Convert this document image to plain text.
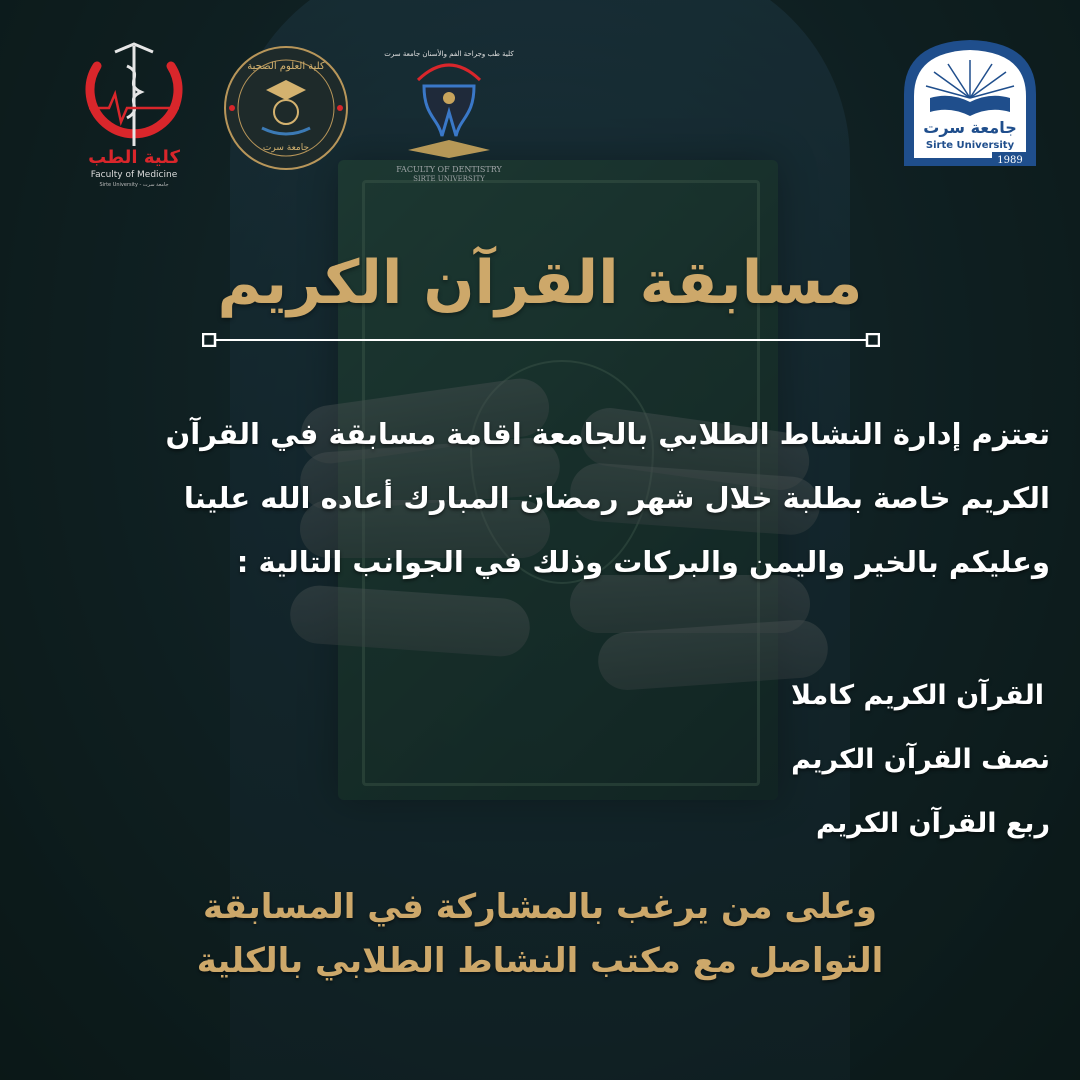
كلية الطب
Faculty of Medicine
Sirte University - جامعة سرت
كلية العلوم الصحية
جامعة سرت
كلية طب وجراحة الفم والأسنان جامعة سرت
FACULTY OF DENTISTRY
SIRTE UNIVERSITY
جامعة سرت
Sirte University
1989
مسابقة القرآن الكريم

تعتزم إدارة النشاط الطلابي بالجامعة اقامة مسابقة في القرآن
الكريم خاصة بطلبة خلال شهر رمضان المبارك أعاده الله علينا
وعليكم بالخير واليمن والبركات وذلك في الجوانب التالية :

القرآن الكريم كاملا
نصف القرآن الكريم
ربع القرآن الكريم
وعلى من يرغب بالمشاركة في المسابقة
التواصل مع مكتب النشاط الطلابي بالكلية
